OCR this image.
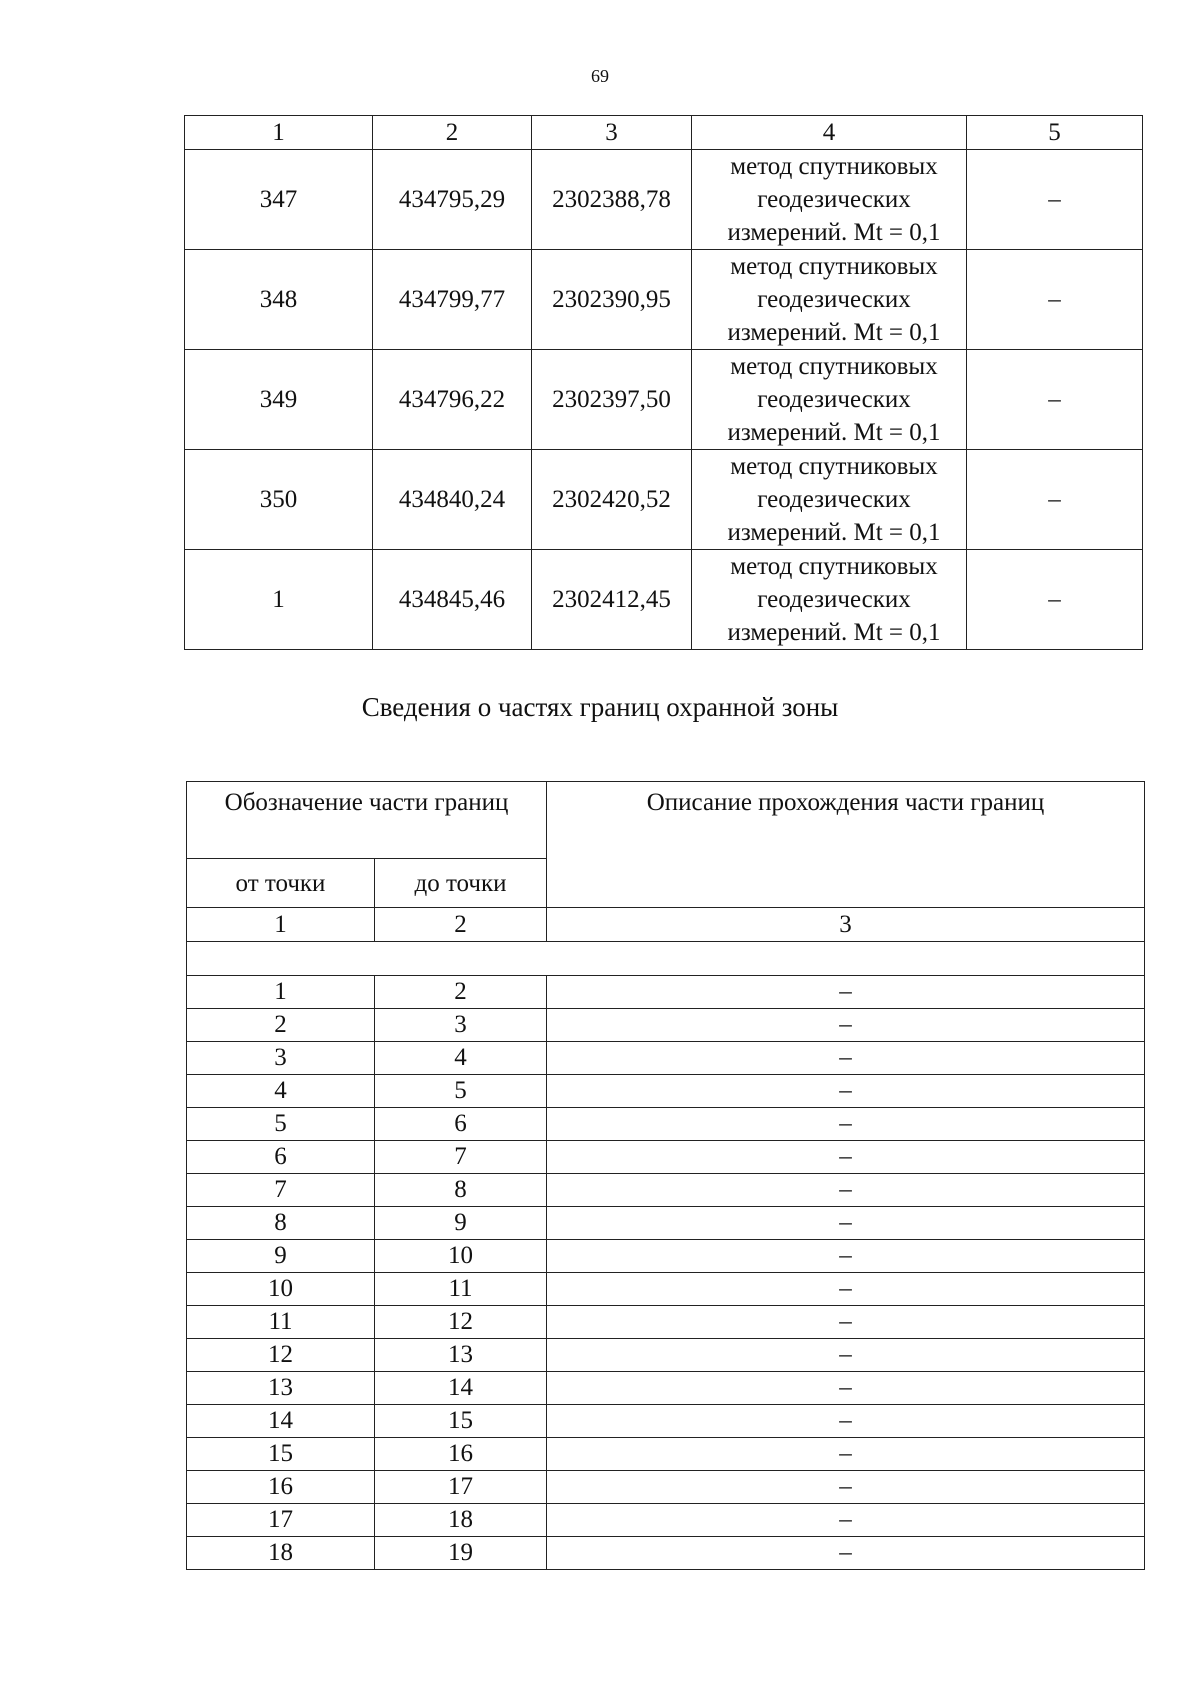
69
1	2	3	4	5
347	434795,29	2302388,78	метод спутниковых
геодезических
измерений. Mt = 0,1	–
348	434799,77	2302390,95	метод спутниковых
геодезических
измерений. Mt = 0,1	–
349	434796,22	2302397,50	метод спутниковых
геодезических
измерений. Mt = 0,1	–
350	434840,24	2302420,52	метод спутниковых
геодезических
измерений. Mt = 0,1	–
1	434845,46	2302412,45	метод спутниковых
геодезических
измерений. Mt = 0,1	–
Сведения о частях границ охранной зоны
Обозначение части границ		Описание прохождения части границ
от точки	до точки	
1	2	3

1	2	–
2	3	–
3	4	–
4	5	–
5	6	–
6	7	–
7	8	–
8	9	–
9	10	–
10	11	–
11	12	–
12	13	–
13	14	–
14	15	–
15	16	–
16	17	–
17	18	–
18	19	–
